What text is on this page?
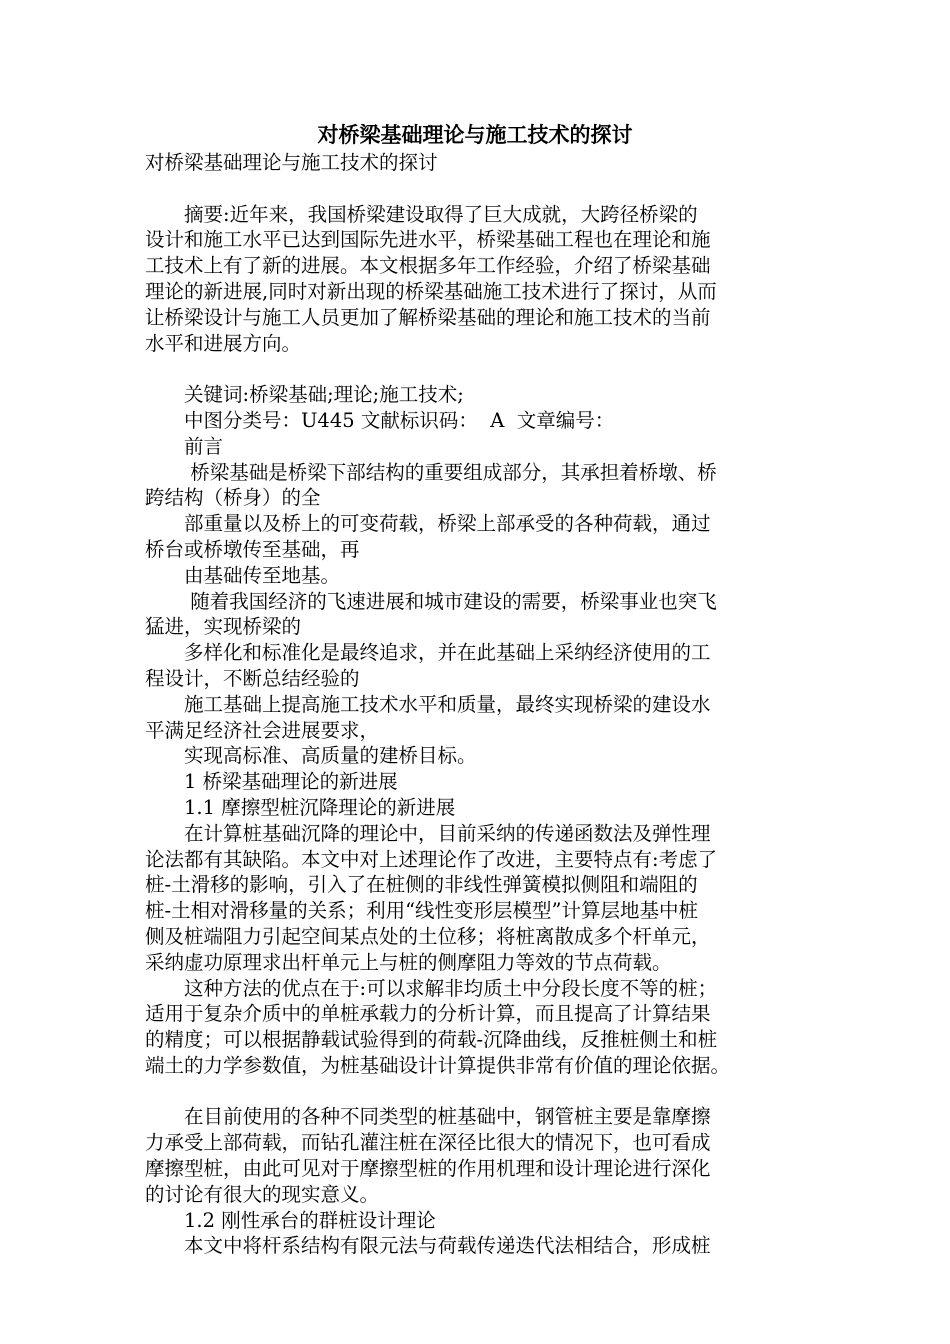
对桥梁基础理论与施工技术的探讨
对桥梁基础理论与施工技术的探讨
　　摘要:近年来，我国桥梁建设取得了巨大成就，大跨径桥梁的
设计和施工水平已达到国际先进水平，桥梁基础工程也在理论和施
工技术上有了新的进展。本文根据多年工作经验，介绍了桥梁基础
理论的新进展,同时对新出现的桥梁基础施工技术进行了探讨，从而
让桥梁设计与施工人员更加了解桥梁基础的理论和施工技术的当前
水平和进展方向。
　　关键词:桥梁基础;理论;施工技术;
　　中图分类号：U445 文献标识码：  A  文章编号：
　　前言
　　 桥梁基础是桥梁下部结构的重要组成部分，其承担着桥墩、桥
跨结构（桥身）的全
　　部重量以及桥上的可变荷载，桥梁上部承受的各种荷载，通过
桥台或桥墩传至基础，再
　　由基础传至地基。
　　 随着我国经济的飞速进展和城市建设的需要，桥梁事业也突飞
猛进，实现桥梁的
　　多样化和标准化是最终追求，并在此基础上采纳经济使用的工
程设计，不断总结经验的
　　施工基础上提高施工技术水平和质量，最终实现桥梁的建设水
平满足经济社会进展要求，
　　实现高标准、高质量的建桥目标。
　　1 桥梁基础理论的新进展
　　1.1 摩擦型桩沉降理论的新进展
　　在计算桩基础沉降的理论中，目前采纳的传递函数法及弹性理
论法都有其缺陷。本文中对上述理论作了改进，主要特点有:考虑了
桩-土滑移的影响，引入了在桩侧的非线性弹簧模拟侧阻和端阻的
桩-土相对滑移量的关系；利用“线性变形层模型”计算层地基中桩
侧及桩端阻力引起空间某点处的土位移；将桩离散成多个杆单元，
采纳虚功原理求出杆单元上与桩的侧摩阻力等效的节点荷载。
　　这种方法的优点在于:可以求解非均质土中分段长度不等的桩；
适用于复杂介质中的单桩承载力的分析计算，而且提高了计算结果
的精度；可以根据静载试验得到的荷载-沉降曲线，反推桩侧土和桩
端土的力学参数值，为桩基础设计计算提供非常有价值的理论依据。
　　在目前使用的各种不同类型的桩基础中，钢管桩主要是靠摩擦
力承受上部荷载，而钻孔灌注桩在深径比很大的情况下，也可看成
摩擦型桩，由此可见对于摩擦型桩的作用机理和设计理论进行深化
的讨论有很大的现实意义。
　　1.2 刚性承台的群桩设计理论
　　本文中将杆系结构有限元法与荷载传递迭代法相结合，形成桩
